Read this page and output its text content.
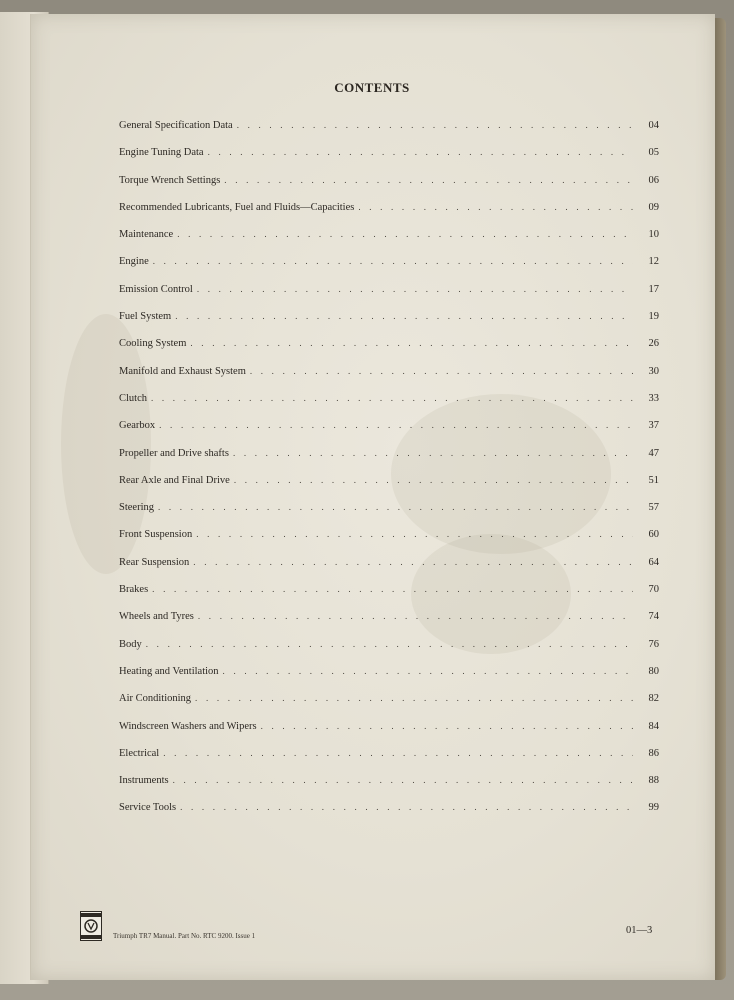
CONTENTS
General Specification Data . . .	04
Engine Tuning Data . . .	05
Torque Wrench Settings . . .	06
Recommended Lubricants, Fuel and Fluids—Capacities . . .	09
Maintenance . . .	10
Engine . . .	12
Emission Control . . .	17
Fuel System . . .	19
Cooling System . . .	26
Manifold and Exhaust System . . .	30
Clutch . . .	33
Gearbox . . .	37
Propeller and Drive shafts . . .	47
Rear Axle and Final Drive . . .	51
Steering . . .	57
Front Suspension . . .	60
Rear Suspension . . .	64
Brakes . . .	70
Wheels and Tyres . . .	74
Body . . .	76
Heating and Ventilation . . .	80
Air Conditioning . . .	82
Windscreen Washers and Wipers . . .	84
Electrical . . .	86
Instruments . . .	88
Service Tools . . .	99
Triumph TR7 Manual. Part No. RTC 9200. Issue 1	01—3
